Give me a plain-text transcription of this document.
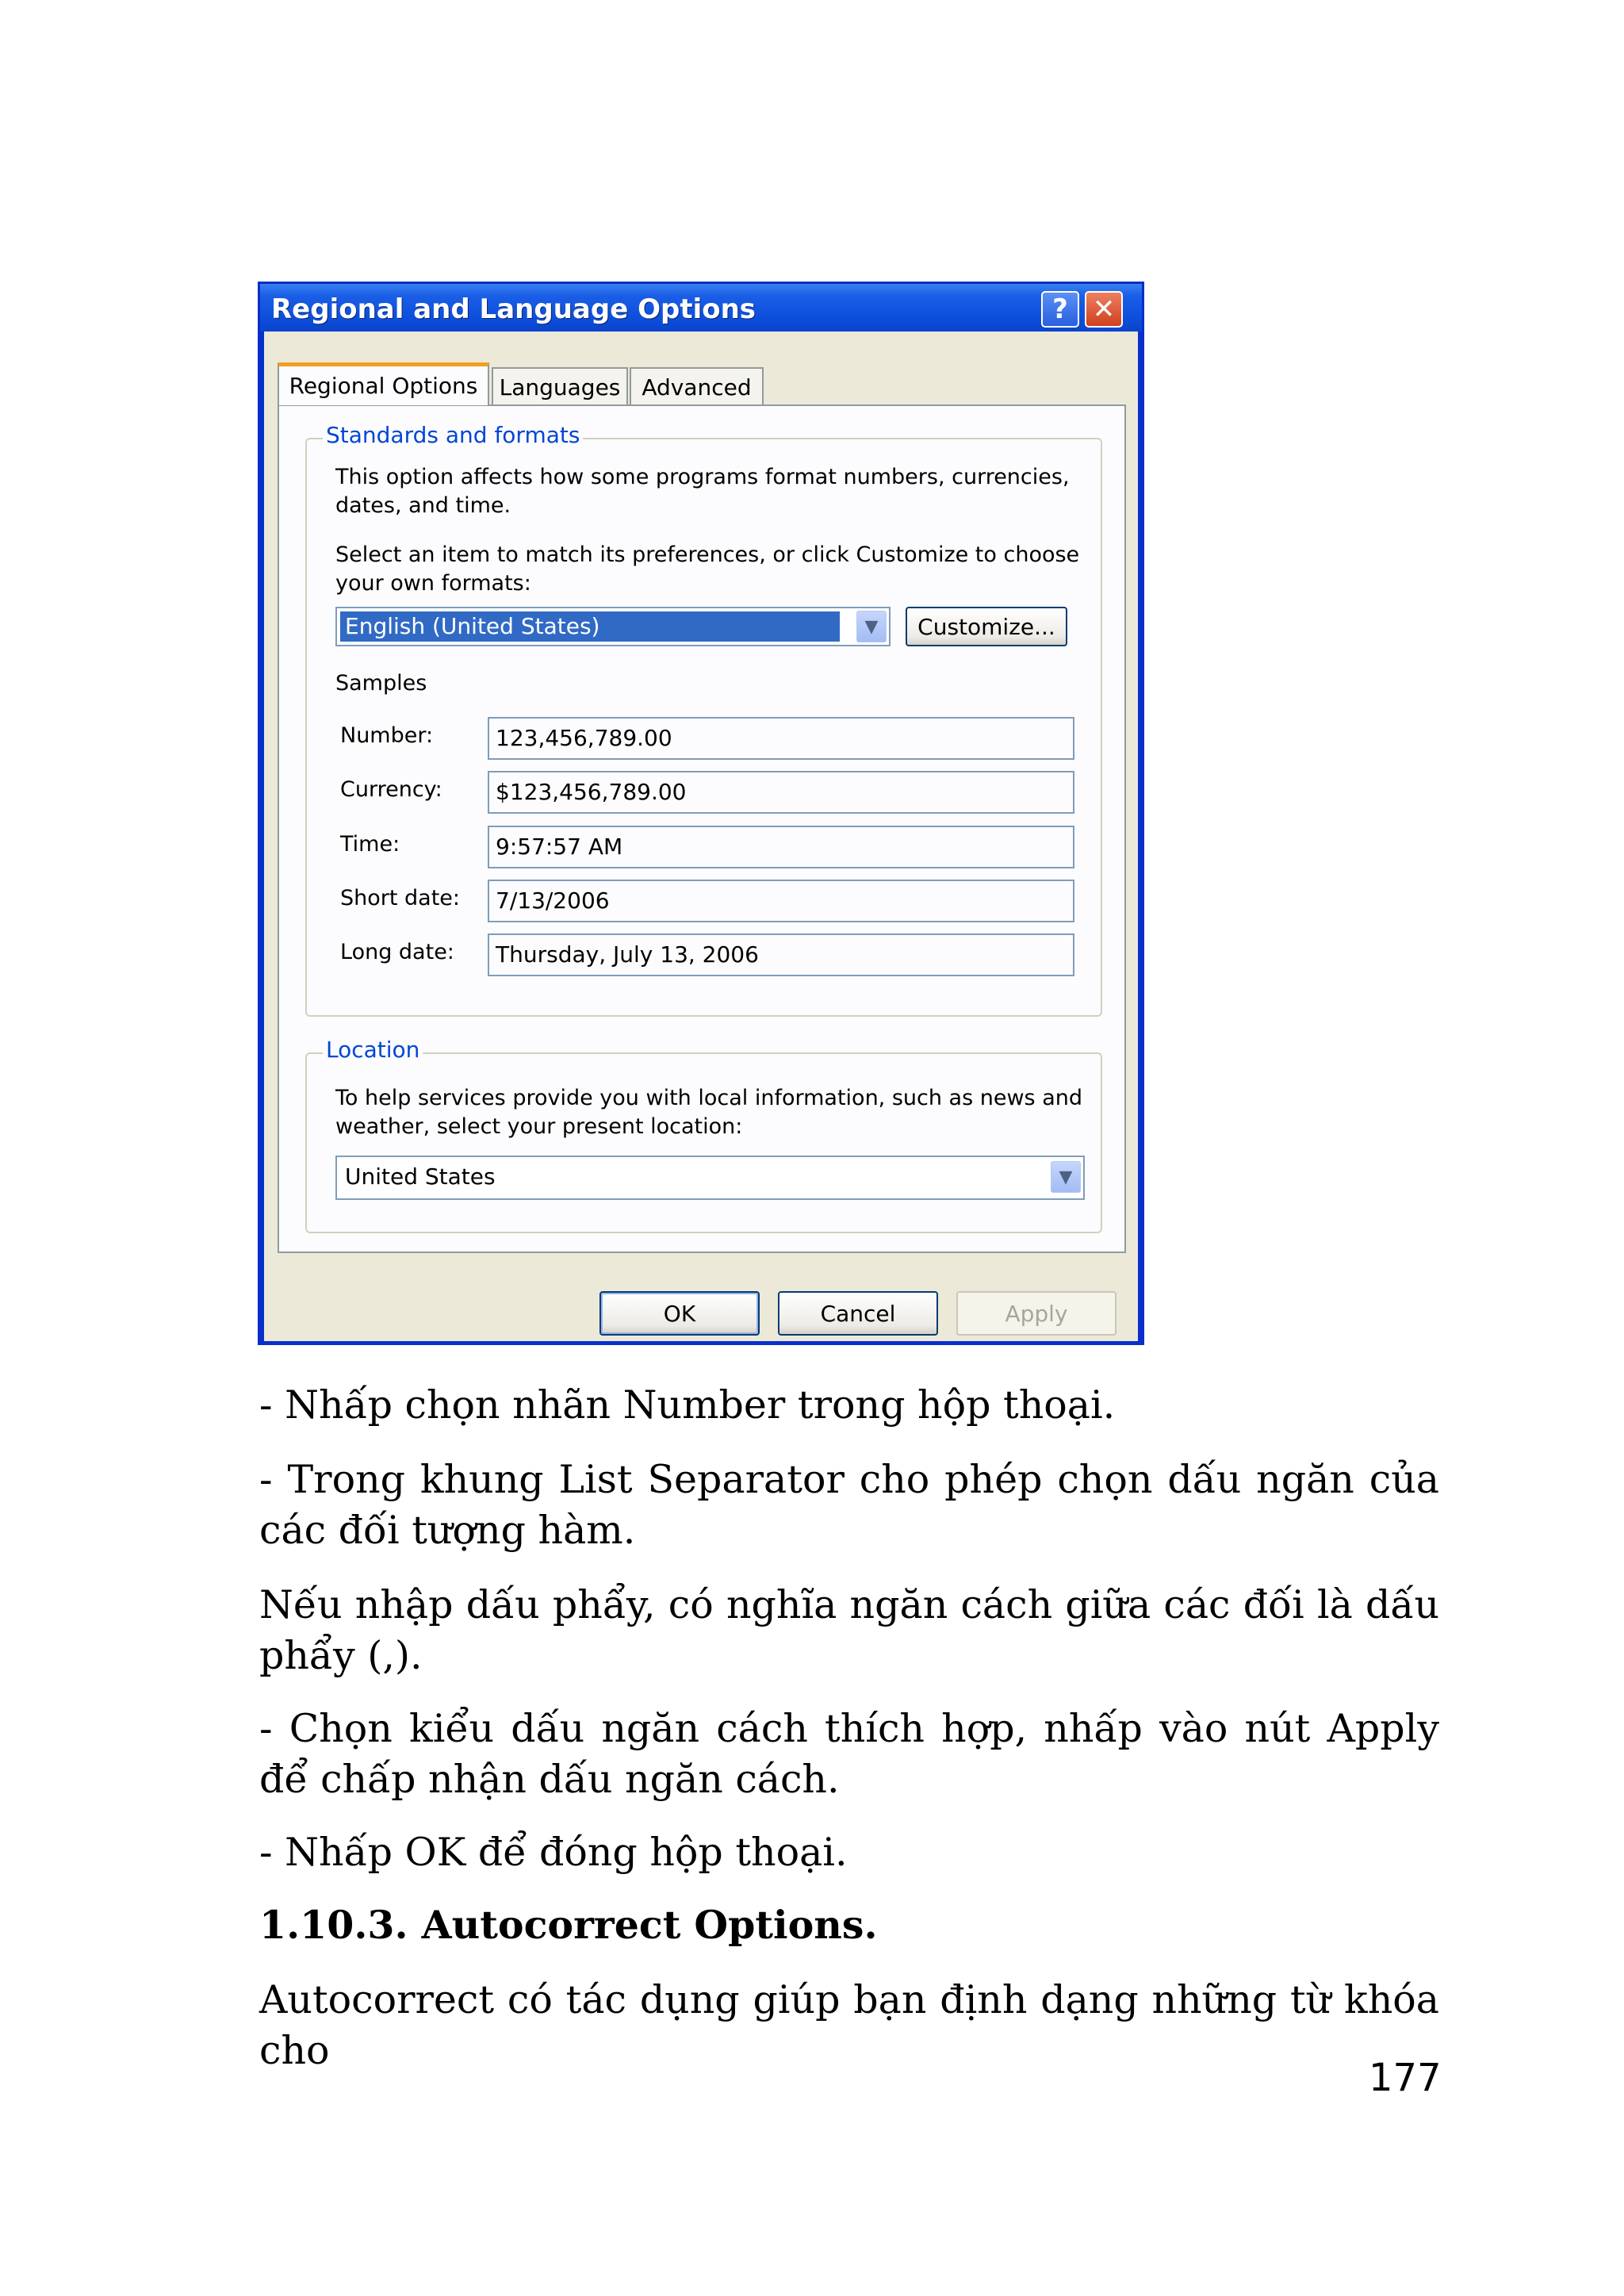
Regional and Language Options	? ✕
Regional Options Languages Advanced
Standards and formats
This option affects how some programs format numbers, currencies,
dates, and time.
Select an item to match its preferences, or click Customize to choose
your own formats:
English (United States)	▼	Customize...
Samples
Number:	123,456,789.00
Currency:	$123,456,789.00
Time:	9:57:57 AM
Short date:	7/13/2006
Long date:	Thursday, July 13, 2006
Location
To help services provide you with local information, such as news and
weather, select your present location:
United States	▼
OK	Cancel	Apply
- Nhấp chọn nhãn Number trong hộp thoại.
- Trong khung List Separator cho phép chọn dấu ngăn của các đối tượng hàm.
Nếu nhập dấu phẩy, có nghĩa ngăn cách giữa các đối là dấu phẩy (,).
- Chọn kiểu dấu ngăn cách thích hợp, nhấp vào nút Apply để chấp nhận dấu ngăn cách.
- Nhấp OK để đóng hộp thoại.
1.10.3. Autocorrect Options.
Autocorrect có tác dụng giúp bạn định dạng những từ khóa cho
177
